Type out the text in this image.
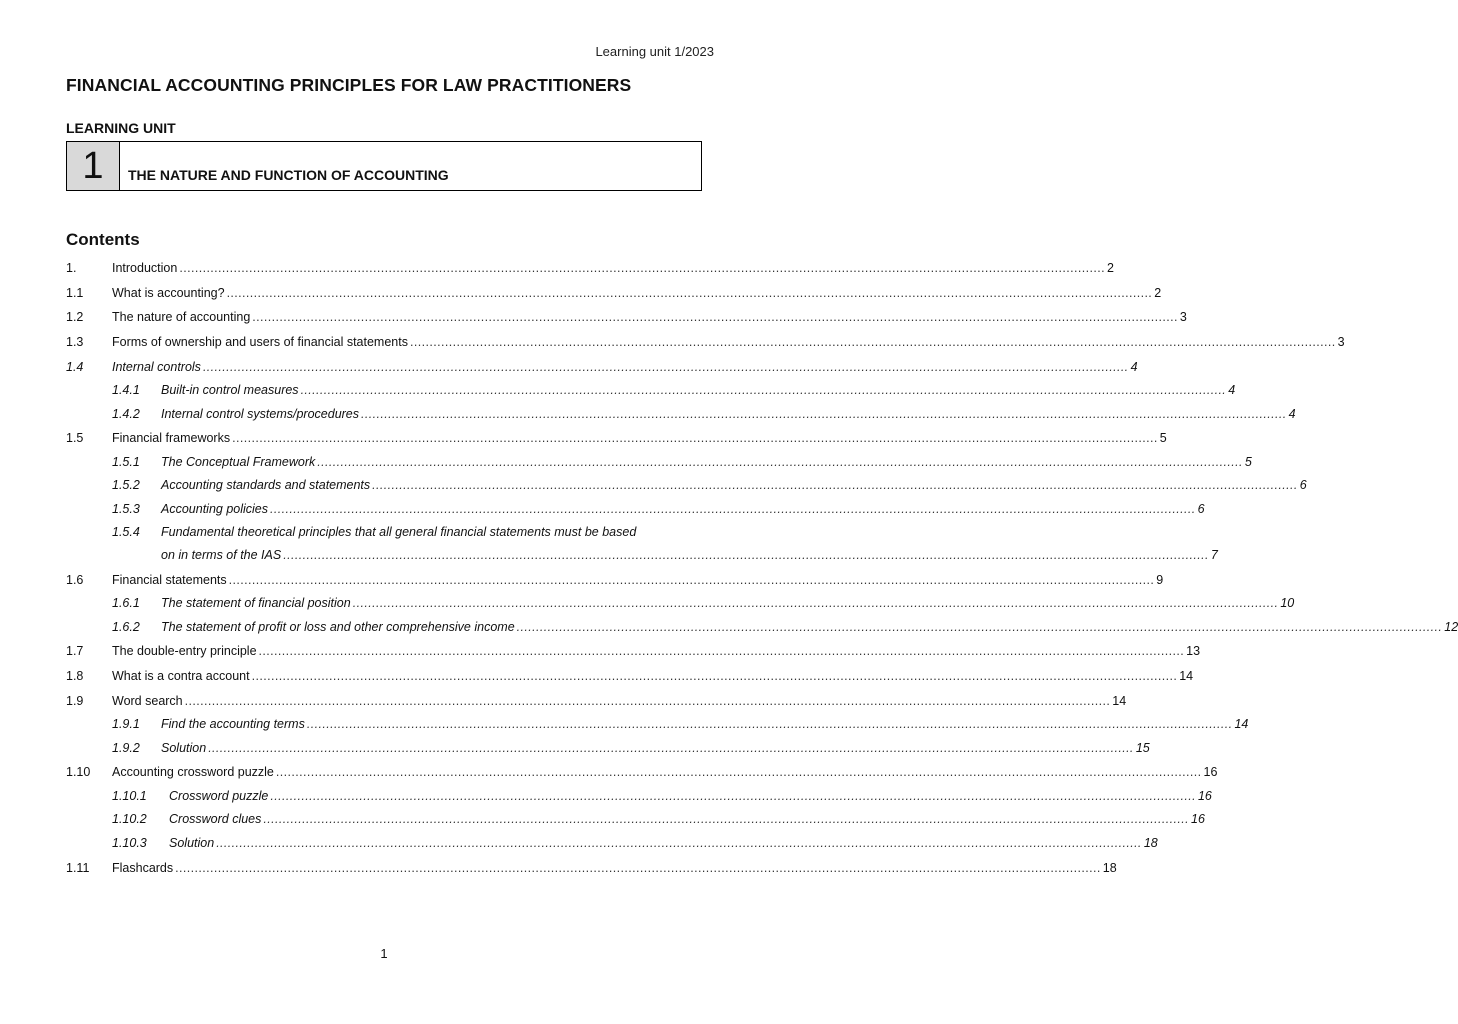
Learning unit 1/2023
FINANCIAL ACCOUNTING PRINCIPLES FOR LAW PRACTITIONERS
LEARNING UNIT
1	THE NATURE AND FUNCTION OF ACCOUNTING
Contents
1.	Introduction .....	2
1.1	What is accounting? .....	2
1.2	The nature of accounting .....	3
1.3	Forms of ownership and users of financial statements .....	3
1.4	Internal controls .....	4
1.4.1	Built-in control measures .....	4
1.4.2	Internal control systems/procedures .....	4
1.5	Financial frameworks .....	5
1.5.1	The Conceptual Framework .....	5
1.5.2	Accounting standards and statements .....	6
1.5.3	Accounting policies .....	6
1.5.4	Fundamental theoretical principles that all general financial statements must be based
on in terms of the IAS .....	7
1.6	Financial statements .....	9
1.6.1	The statement of financial position .....	10
1.6.2	The statement of profit or loss and other comprehensive income .....	12
1.7	The double-entry principle .....	13
1.8	What is a contra account .....	14
1.9	Word search .....	14
1.9.1	Find the accounting terms .....	14
1.9.2	Solution .....	15
1.10	Accounting crossword puzzle .....	16
1.10.1	Crossword puzzle .....	16
1.10.2	Crossword clues .....	16
1.10.3	Solution .....	18
1.11	Flashcards .....	18
1
